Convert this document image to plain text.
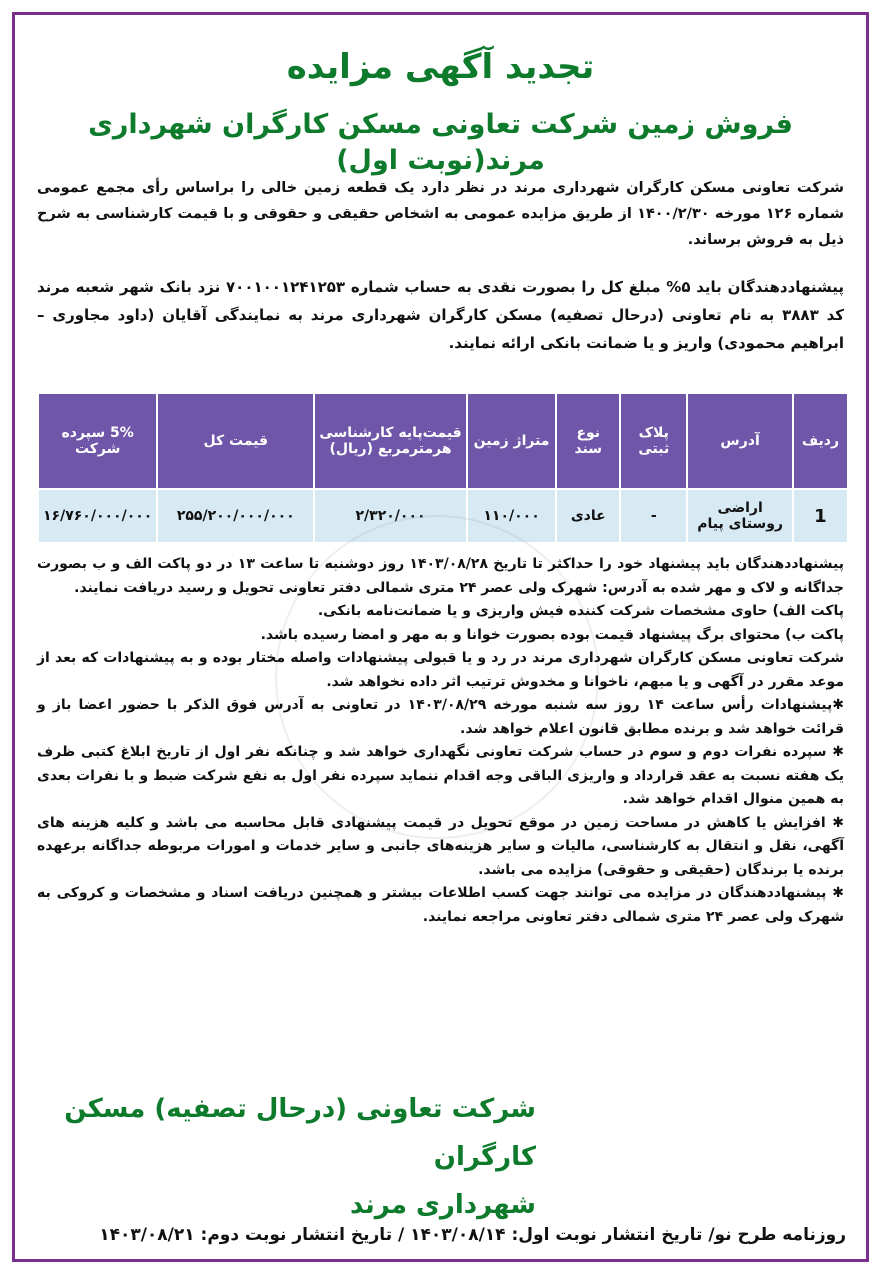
تجدید آگهی مزایده
فروش زمین شرکت تعاونی مسکن کارگران شهرداری مرند(نوبت اول)
شرکت تعاونی مسکن کارگران شهرداری مرند در نظر دارد یک قطعه زمین خالی را براساس رأی مجمع عمومی شماره ۱۲۶ مورخه ۱۴۰۰/۲/۳۰ از طریق مزایده عمومی به اشخاص حقیقی و حقوقی و با قیمت کارشناسی به شرح ذیل به فروش برساند.
پیشنهاددهندگان باید ۵% مبلغ کل را بصورت نقدی به حساب شماره ۷۰۰۱۰۰۱۲۴۱۲۵۳ نزد بانک شهر شعبه مرند کد ۳۸۸۳ به نام تعاونی (درحال تصفیه) مسکن کارگران شهرداری مرند به نمایندگی آقایان (داود مجاوری – ابراهیم محمودی) واریز و یا ضمانت بانکی ارائه نمایند.
ردیف	آدرس	پلاک ثبتی	نوع سند	متراژ زمین	قیمت‌پایه کارشناسی هرمترمربع (ریال)	قیمت کل	5% سپرده شرکت
1	اراضی روستای پیام	-	عادی	۱۱۰/۰۰۰	۲/۳۲۰/۰۰۰	۲۵۵/۲۰۰/۰۰۰/۰۰۰	۱۶/۷۶۰/۰۰۰/۰۰۰

پیشنهاددهندگان باید پیشنهاد خود را حداکثر تا تاریخ ۱۴۰۳/۰۸/۲۸ روز دوشنبه تا ساعت ۱۳ در دو پاکت الف و ب بصورت جداگانه و لاک و مهر شده به آدرس: شهرک ولی عصر ۲۴ متری شمالی دفتر تعاونی تحویل و رسید دریافت نمایند.

پاکت الف) حاوی مشخصات شرکت کننده فیش واریزی و یا ضمانت‌نامه بانکی.

پاکت ب) محتوای برگ پیشنهاد قیمت بوده بصورت خوانا و به مهر و امضا رسیده باشد.

شرکت تعاونی مسکن کارگران شهرداری مرند در رد و یا قبولی پیشنهادات واصله مختار بوده و به پیشنهادات که بعد از موعد مقرر در آگهی و یا مبهم، ناخوانا و مخدوش ترتیب اثر داده نخواهد شد.

✱پیشنهادات رأس ساعت ۱۴ روز سه شنبه مورخه ۱۴۰۳/۰۸/۲۹ در تعاونی به آدرس فوق الذکر با حضور اعضا باز و قرائت خواهد شد و برنده مطابق قانون اعلام خواهد شد.

✱ سپرده نفرات دوم و سوم در حساب شرکت تعاونی نگهداری خواهد شد و چنانکه نفر اول از تاریخ ابلاغ کتبی ظرف یک هفته نسبت به عقد قرارداد و واریزی الباقی وجه اقدام ننماید سپرده نفر اول به نفع شرکت ضبط و با نفرات بعدی به همین منوال اقدام خواهد شد.

✱ افزایش یا کاهش در مساحت زمین در موقع تحویل در قیمت پیشنهادی قابل محاسبه می باشد و کلیه هزینه های آگهی، نقل و انتقال به کارشناسی، مالیات و سایر هزینه‌های جانبی و سایر خدمات و امورات مربوطه جداگانه برعهده برنده یا برندگان (حقیقی و حقوقی) مزایده می باشد.

✱ پیشنهاددهندگان در مزایده می توانند جهت کسب اطلاعات بیشتر و همچنین دریافت اسناد و مشخصات و کروکی به شهرک ولی عصر ۲۴ متری شمالی دفتر تعاونی مراجعه نمایند.

شرکت تعاونی (درحال تصفیه) مسکن کارگران
شهرداری مرند
روزنامه طرح نو/ تاریخ انتشار نوبت اول: ۱۴۰۳/۰۸/۱۴ / تاریخ انتشار نوبت دوم: ۱۴۰۳/۰۸/۲۱
